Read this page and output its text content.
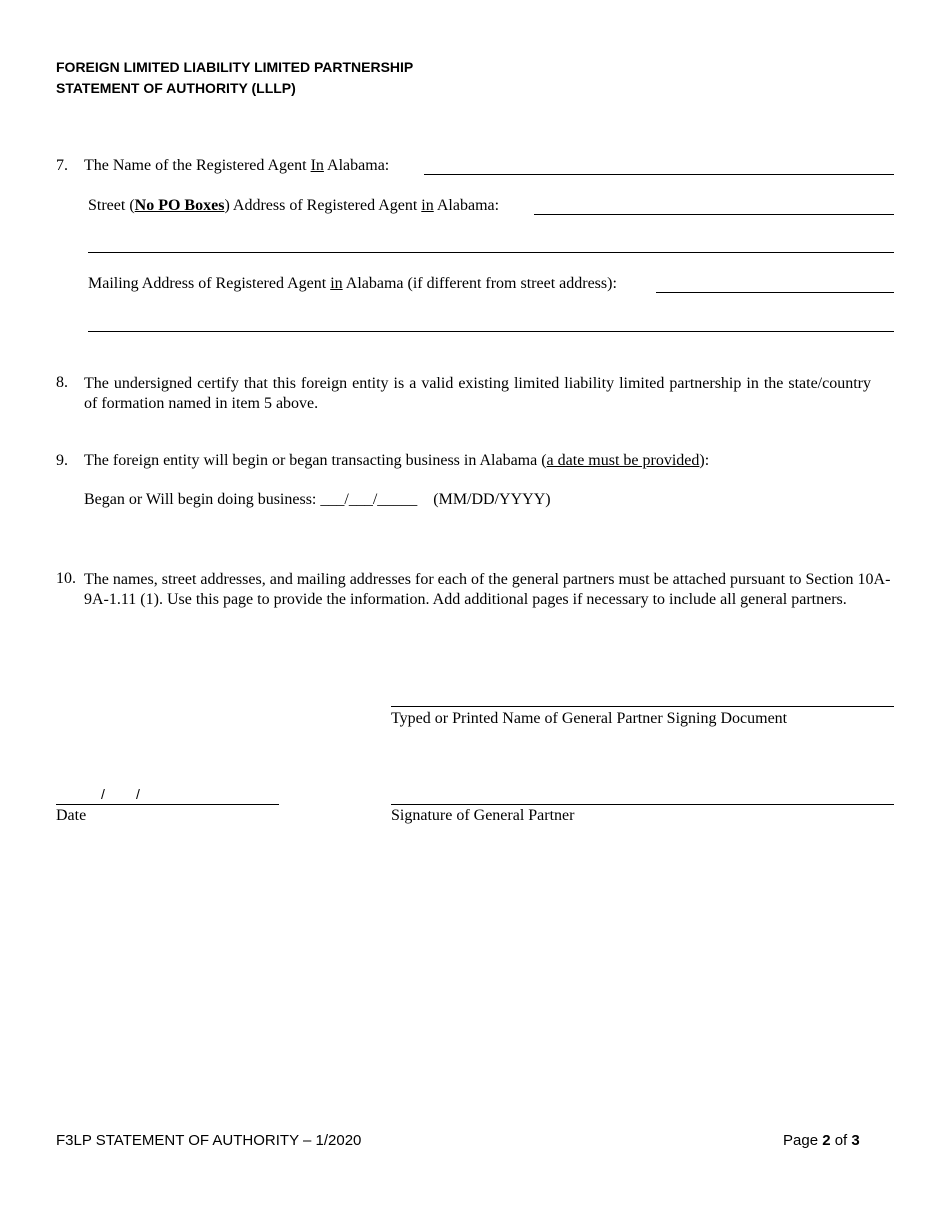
FOREIGN LIMITED LIABILITY LIMITED PARTNERSHIP
STATEMENT OF AUTHORITY (LLLP)
7. The Name of the Registered Agent In Alabama:
Street (No PO Boxes) Address of Registered Agent in Alabama:
Mailing Address of Registered Agent in Alabama (if different from street address):
8. The undersigned certify that this foreign entity is a valid existing limited liability limited partnership in the state/country of formation named in item 5 above.
9. The foreign entity will begin or began transacting business in Alabama (a date must be provided):
Began or Will begin doing business: ___/___/_____ (MM/DD/YYYY)
10. The names, street addresses, and mailing addresses for each of the general partners must be attached pursuant to Section 10A-9A-1.11 (1). Use this page to provide the information. Add additional pages if necessary to include all general partners.
Typed or Printed Name of General Partner Signing Document
/        /
Date	Signature of General Partner
F3LP STATEMENT OF AUTHORITY – 1/2020	Page 2 of 3
